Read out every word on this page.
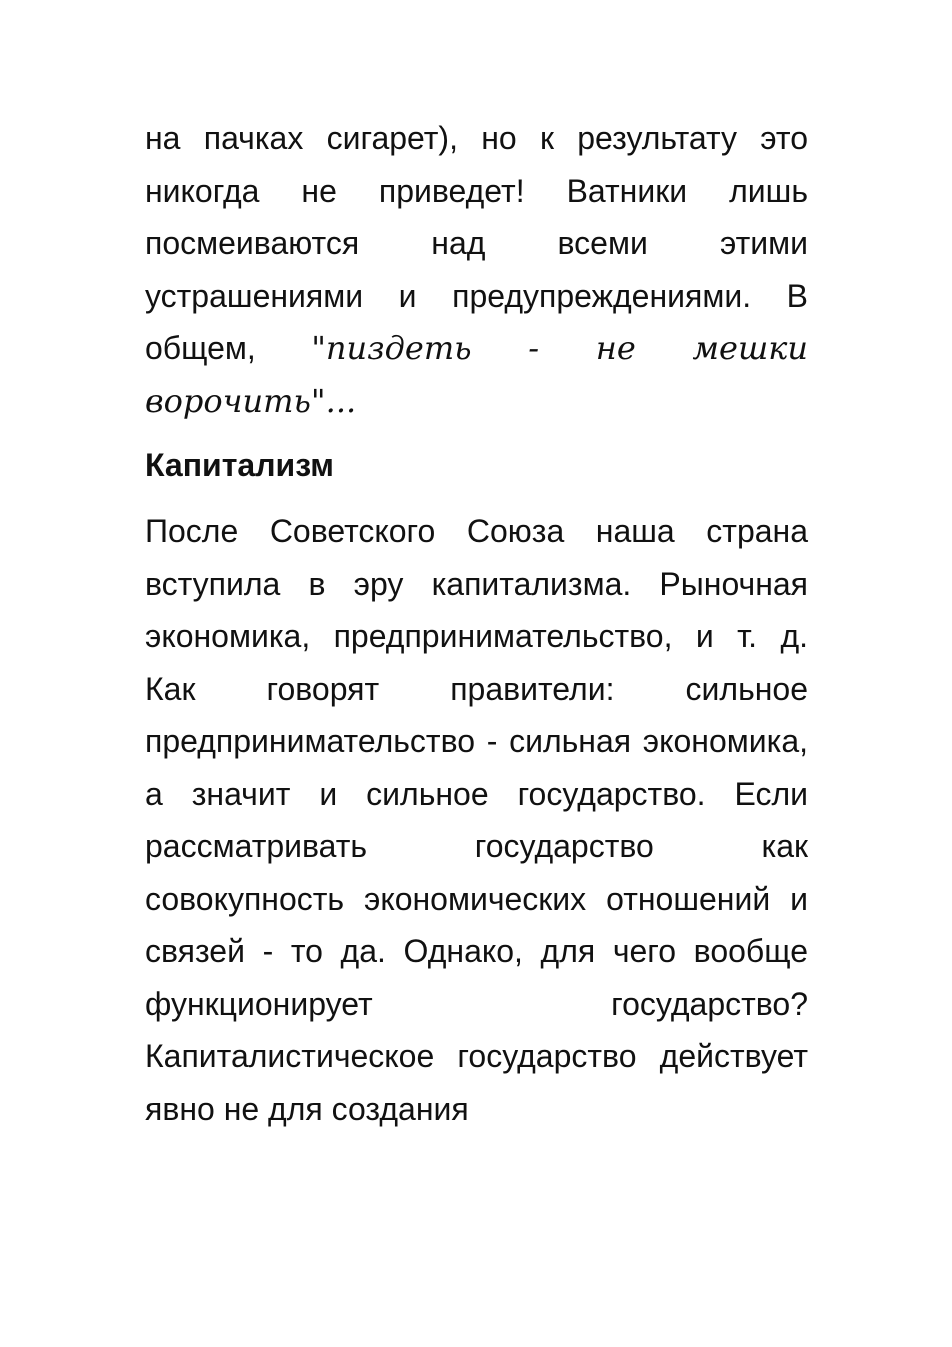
на пачках сигарет), но к результату это никогда не приведет! Ватники лишь посмеиваются над всеми этими устрашениями и предупреждениями. В общем, "пиздеть - не мешки ворочить"...

Капитализм

После Советского Союза наша страна вступила в эру капитализма. Рыночная экономика, предпринимательство, и т. д. Как говорят правители: сильное предпринимательство - сильная экономика, а значит и сильное государство. Если рассматривать государство как совокупность экономических отношений и связей - то да. Однако, для чего вообще функционирует государство? Капиталистическое государство действует явно не для создания
